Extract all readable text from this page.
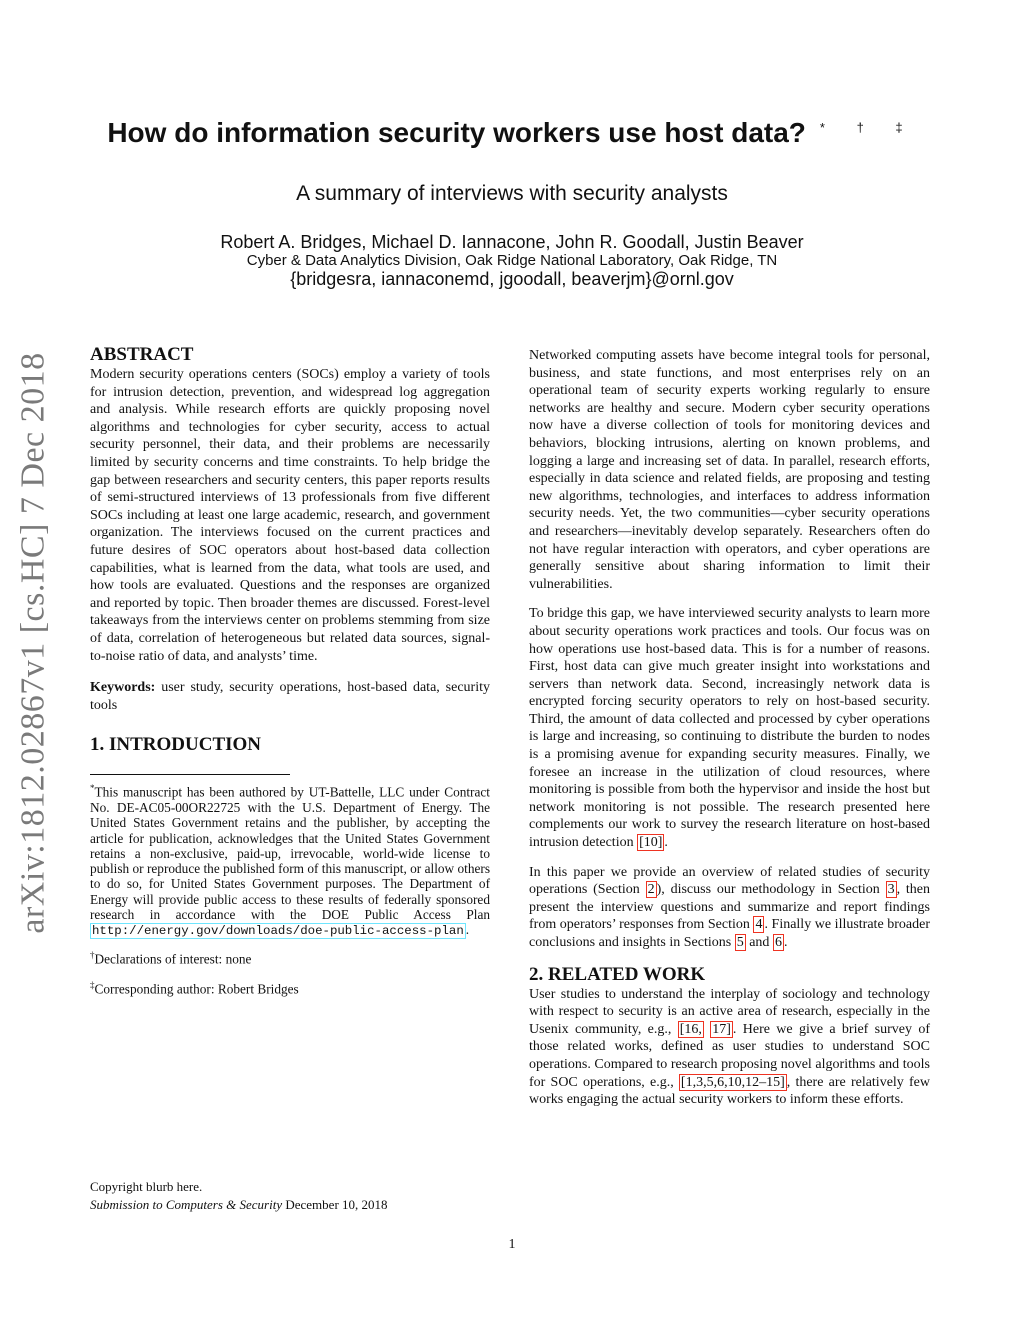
arXiv:1812.02867v1 [cs.HC] 7 Dec 2018
How do information security workers use host data? * † ‡
A summary of interviews with security analysts
Robert A. Bridges, Michael D. Iannacone, John R. Goodall, Justin Beaver
Cyber & Data Analytics Division, Oak Ridge National Laboratory, Oak Ridge, TN
{bridgesra, iannaconemd, jgoodall, beaverjm}@ornl.gov
ABSTRACT

Modern security operations centers (SOCs) employ a variety of tools for intrusion detection, prevention, and widespread log aggregation and analysis. While research efforts are quickly proposing novel algorithms and technologies for cyber security, access to actual security personnel, their data, and their problems are necessarily limited by security concerns and time constraints. To help bridge the gap between researchers and security centers, this paper reports results of semi-structured interviews of 13 professionals from five different SOCs including at least one large academic, research, and government organization. The interviews focused on the current practices and future desires of SOC operators about host-based data collection capabilities, what is learned from the data, what tools are used, and how tools are evaluated. Questions and the responses are organized and reported by topic. Then broader themes are discussed. Forest-level takeaways from the interviews center on problems stemming from size of data, correlation of heterogeneous but related data sources, signal-to-noise ratio of data, and analysts’ time.

Keywords: user study, security operations, host-based data, security tools

1. INTRODUCTION

*This manuscript has been authored by UT-Battelle, LLC under Contract No. DE-AC05-00OR22725 with the U.S. Department of Energy. The United States Government retains and the publisher, by accepting the article for publication, acknowledges that the United States Government retains a non-exclusive, paid-up, irrevocable, world-wide license to publish or reproduce the published form of this manuscript, or allow others to do so, for United States Government purposes. The Department of Energy will provide public access to these results of federally sponsored research in accordance with the DOE Public Access Plan http://energy.gov/downloads/doe-public-access-plan .

†Declarations of interest: none

‡Corresponding author: Robert Bridges

Copyright blurb here.
Submission to Computers & Security December 10, 2018

Networked computing assets have become integral tools for personal, business, and state functions, and most enterprises rely on an operational team of security experts working regularly to ensure networks are healthy and secure. Modern cyber security operations now have a diverse collection of tools for monitoring devices and behaviors, blocking intrusions, alerting on known problems, and logging a large and increasing set of data. In parallel, research efforts, especially in data science and related fields, are proposing and testing new algorithms, technologies, and interfaces to address information security needs. Yet, the two communities—cyber security operations and researchers—inevitably develop separately. Researchers often do not have regular interaction with operators, and cyber operations are generally sensitive about sharing information to limit their vulnerabilities.

To bridge this gap, we have interviewed security analysts to learn more about security operations work practices and tools. Our focus was on how operations use host-based data. This is for a number of reasons. First, host data can give much greater insight into workstations and servers than network data. Second, increasingly network data is encrypted forcing security operators to rely on host-based security. Third, the amount of data collected and processed by cyber operations is large and increasing, so continuing to distribute the burden to nodes is a promising avenue for expanding security measures. Finally, we foresee an increase in the utilization of cloud resources, where monitoring is possible from both the hypervisor and inside the host but network monitoring is not possible. The research presented here complements our work to survey the research literature on host-based intrusion detection [10] .

In this paper we provide an overview of related studies of security operations (Section 2 ), discuss our methodology in Section 3 , then present the interview questions and summarize and report findings from operators’ responses from Section 4 . Finally we illustrate broader conclusions and insights in Sections 5 and 6 .

2. RELATED WORK

User studies to understand the interplay of sociology and technology with respect to security is an active area of research, especially in the Usenix community, e.g., [16, 17] . Here we give a brief survey of those related works, defined as user studies to understand SOC operations. Compared to research proposing novel algorithms and tools for SOC operations, e.g., [1,3,5,6,10,12–15] , there are relatively few works engaging the actual security workers to inform these efforts.

1
